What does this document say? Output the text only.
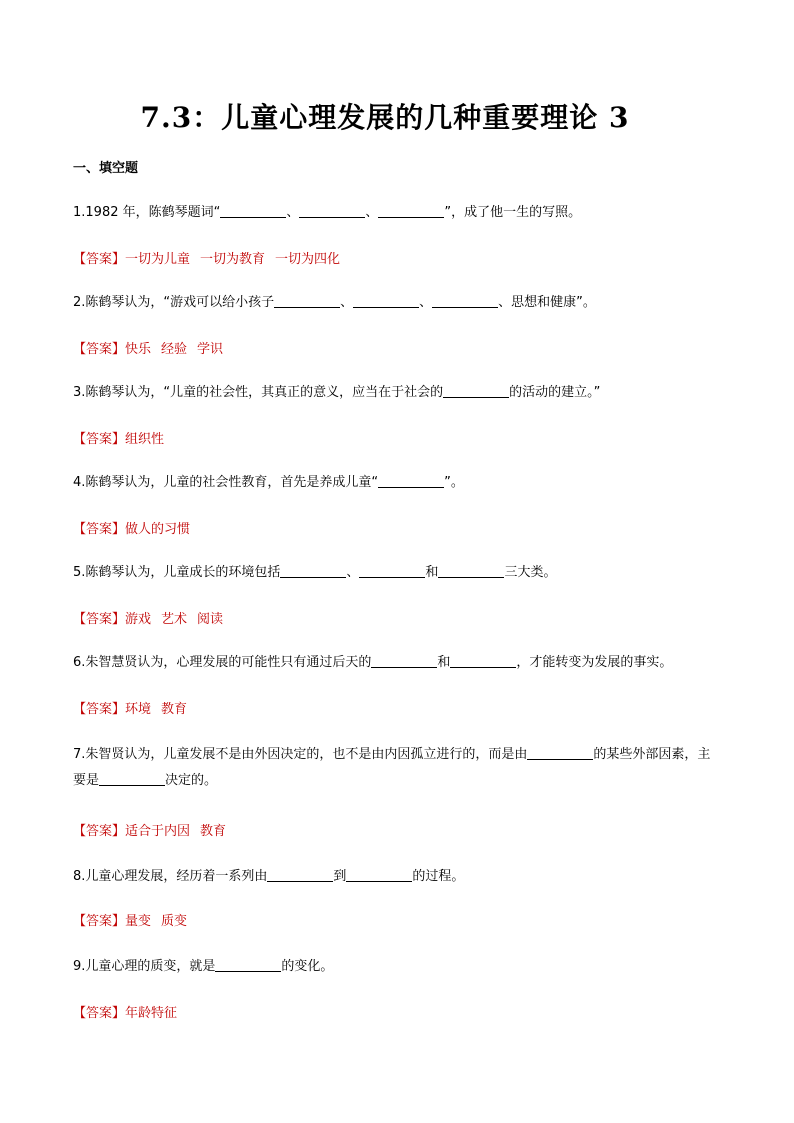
7.3：儿童心理发展的几种重要理论 3
一、填空题
1.1982 年，陈鹤琴题词“	、	、	”，成了他一生的写照。
【答案】一切为儿童 一切为教育 一切为四化
2.陈鹤琴认为，“游戏可以给小孩子	、	、	、思想和健康”。
【答案】快乐 经验 学识
3.陈鹤琴认为，“儿童的社会性，其真正的意义，应当在于社会的	的活动的建立。”
【答案】组织性
4.陈鹤琴认为，儿童的社会性教育，首先是养成儿童“	”。
【答案】做人的习惯
5.陈鹤琴认为，儿童成长的环境包括	、	和	三大类。
【答案】游戏 艺术 阅读
6.朱智慧贤认为，心理发展的可能性只有通过后天的	和	，才能转变为发展的事实。
【答案】环境 教育
7.朱智贤认为，儿童发展不是由外因决定的，也不是由内因孤立进行的，而是由	的某些外部因素，主要是	决定的。
【答案】适合于内因 教育
8.儿童心理发展，经历着一系列由	到	的过程。
【答案】量变 质变
9.儿童心理的质变，就是	的变化。
【答案】年龄特征
